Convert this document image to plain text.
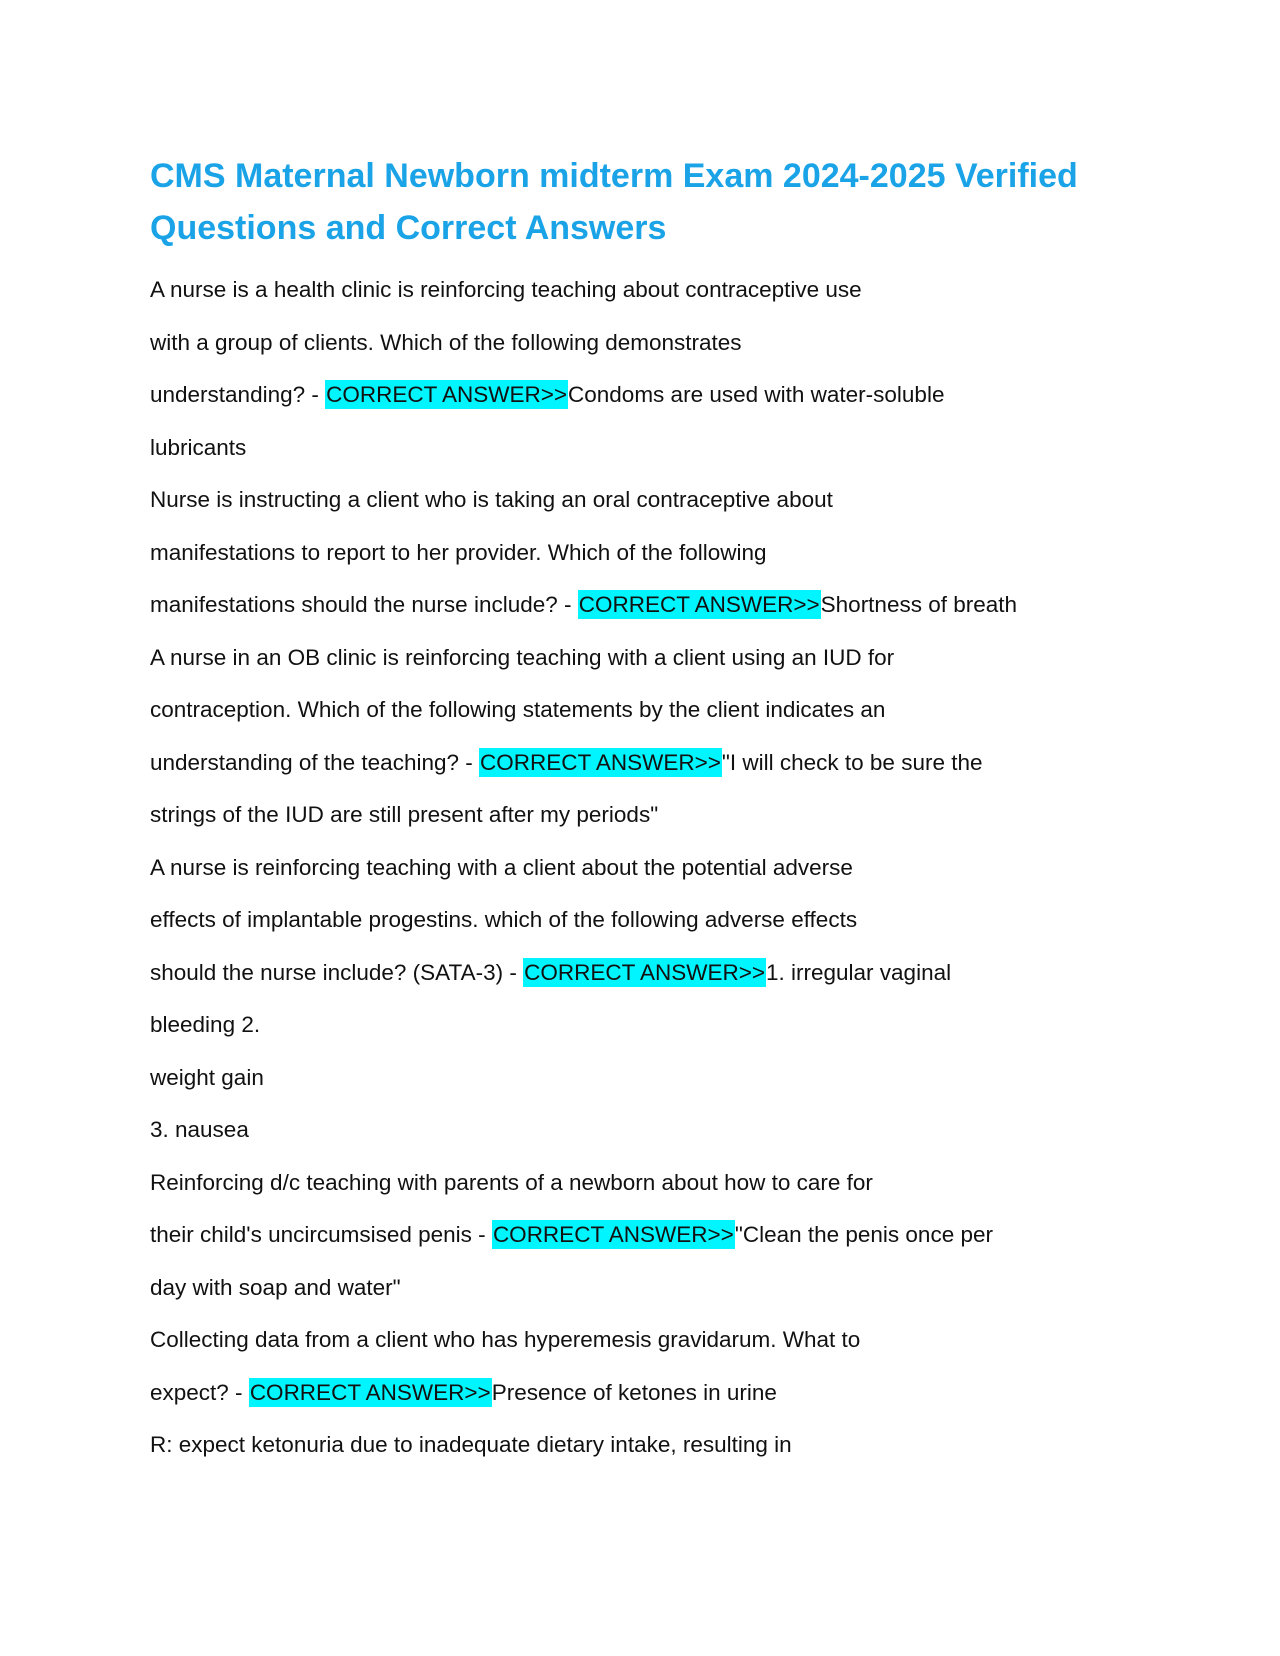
CMS Maternal Newborn midterm Exam 2024-2025 Verified
Questions and Correct Answers
A nurse is a health clinic is reinforcing teaching about contraceptive use
with a group of clients. Which of the following demonstrates
understanding? - CORRECT ANSWER>>Condoms are used with water-soluble
lubricants
Nurse is instructing a client who is taking an oral contraceptive about
manifestations to report to her provider. Which of the following
manifestations should the nurse include? - CORRECT ANSWER>>Shortness of breath
A nurse in an OB clinic is reinforcing teaching with a client using an IUD for
contraception. Which of the following statements by the client indicates an
understanding of the teaching? - CORRECT ANSWER>>"I will check to be sure the
strings of the IUD are still present after my periods"
A nurse is reinforcing teaching with a client about the potential adverse
effects of implantable progestins. which of the following adverse effects
should the nurse include? (SATA-3) - CORRECT ANSWER>>1. irregular vaginal
bleeding 2.
weight gain
3. nausea
Reinforcing d/c teaching with parents of a newborn about how to care for
their child's uncircumsised penis - CORRECT ANSWER>>"Clean the penis once per
day with soap and water"
Collecting data from a client who has hyperemesis gravidarum. What to
expect? - CORRECT ANSWER>>Presence of ketones in urine
R: expect ketonuria due to inadequate dietary intake, resulting in
